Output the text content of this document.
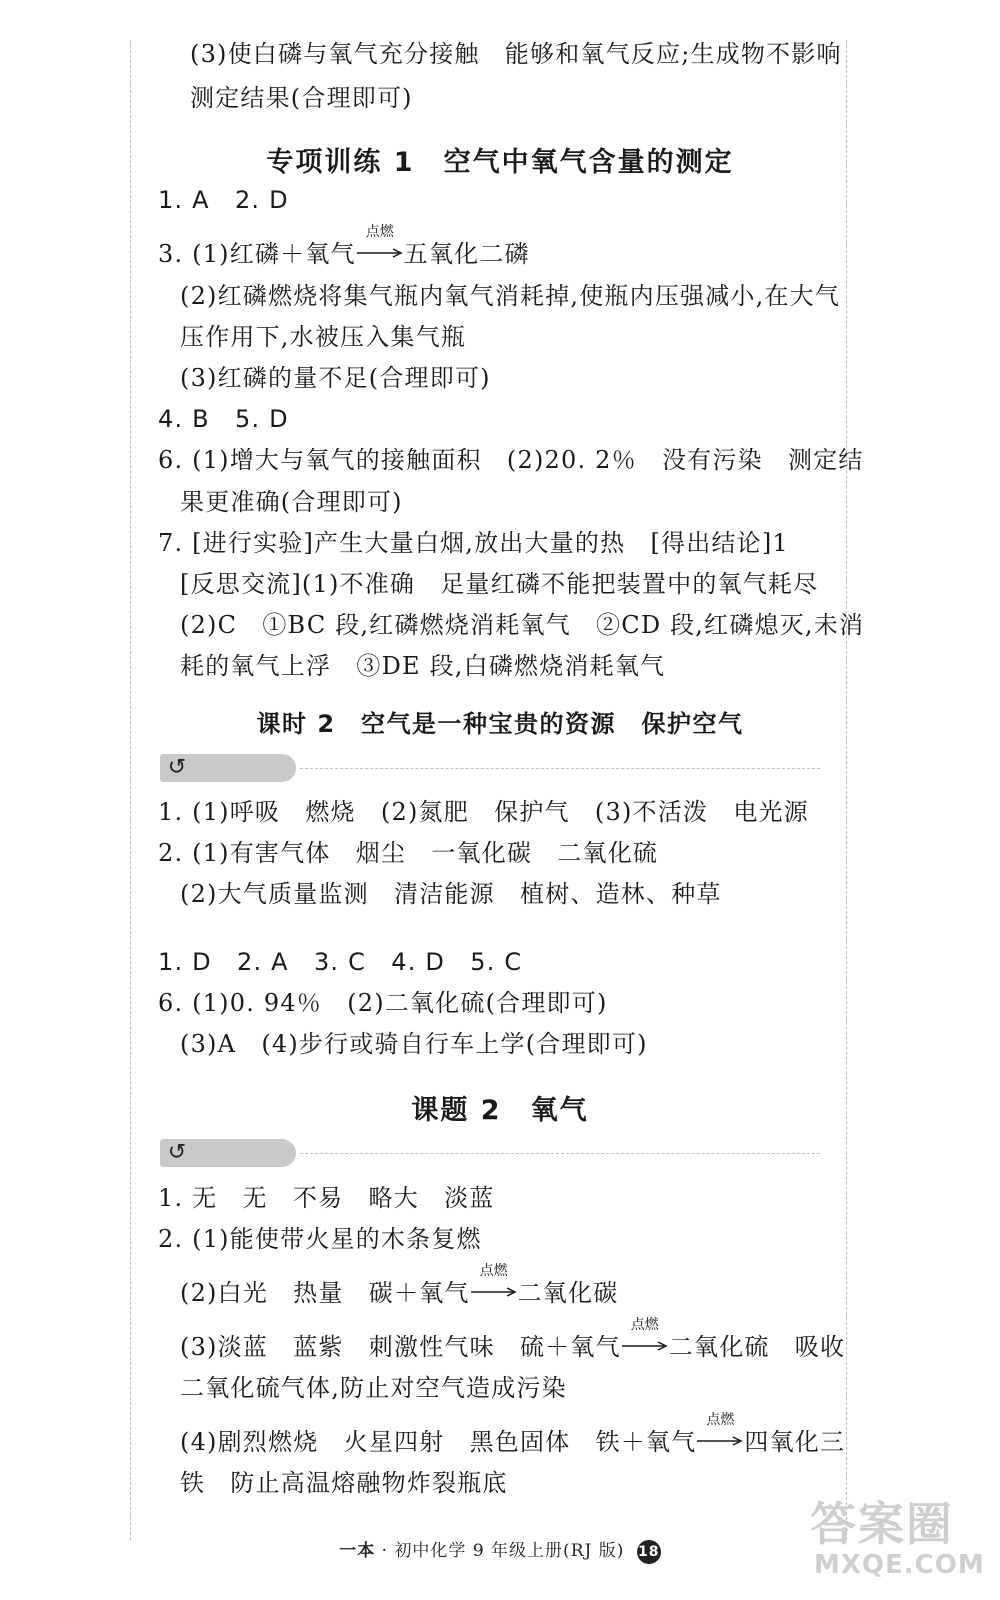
(3)使白磷与氧气充分接触　能够和氧气反应;生成物不影响
测定结果(合理即可)
专项训练 1　空气中氧气含量的测定
1. A　2. D
3. (1)红磷＋氧气
点燃
五氧化二磷
(2)红磷燃烧将集气瓶内氧气消耗掉,使瓶内压强减小,在大气
压作用下,水被压入集气瓶
(3)红磷的量不足(合理即可)
4. B　5. D
6. (1)增大与氧气的接触面积　(2)20. 2％　没有污染　测定结
果更准确(合理即可)
7. [进行实验]产生大量白烟,放出大量的热　[得出结论]1
[反思交流](1)不准确　足量红磷不能把装置中的氧气耗尽
(2)C　①BC 段,红磷燃烧消耗氧气　②CD 段,红磷熄灭,未消
耗的氧气上浮　③DE 段,白磷燃烧消耗氧气
课时 2　空气是一种宝贵的资源　保护空气
↺
1. (1)呼吸　燃烧　(2)氮肥　保护气　(3)不活泼　电光源
2. (1)有害气体　烟尘　一氧化碳　二氧化硫
(2)大气质量监测　清洁能源　植树、造林、种草
1. D　2. A　3. C　4. D　5. C
6. (1)0. 94％　(2)二氧化硫(合理即可)
(3)A　(4)步行或骑自行车上学(合理即可)
课题 2　氧气
↺
1. 无　无　不易　略大　淡蓝
2. (1)能使带火星的木条复燃
(2)白光　热量　碳＋氧气
点燃
二氧化碳
(3)淡蓝　蓝紫　刺激性气味　硫＋氧气
点燃
二氧化硫　吸收
二氧化硫气体,防止对空气造成污染
(4)剧烈燃烧　火星四射　黑色固体　铁＋氧气
点燃
四氧化三
铁　防止高温熔融物炸裂瓶底
一本 · 初中化学 9 年级上册(RJ 版) 18
答案圈
MXQE.COM
